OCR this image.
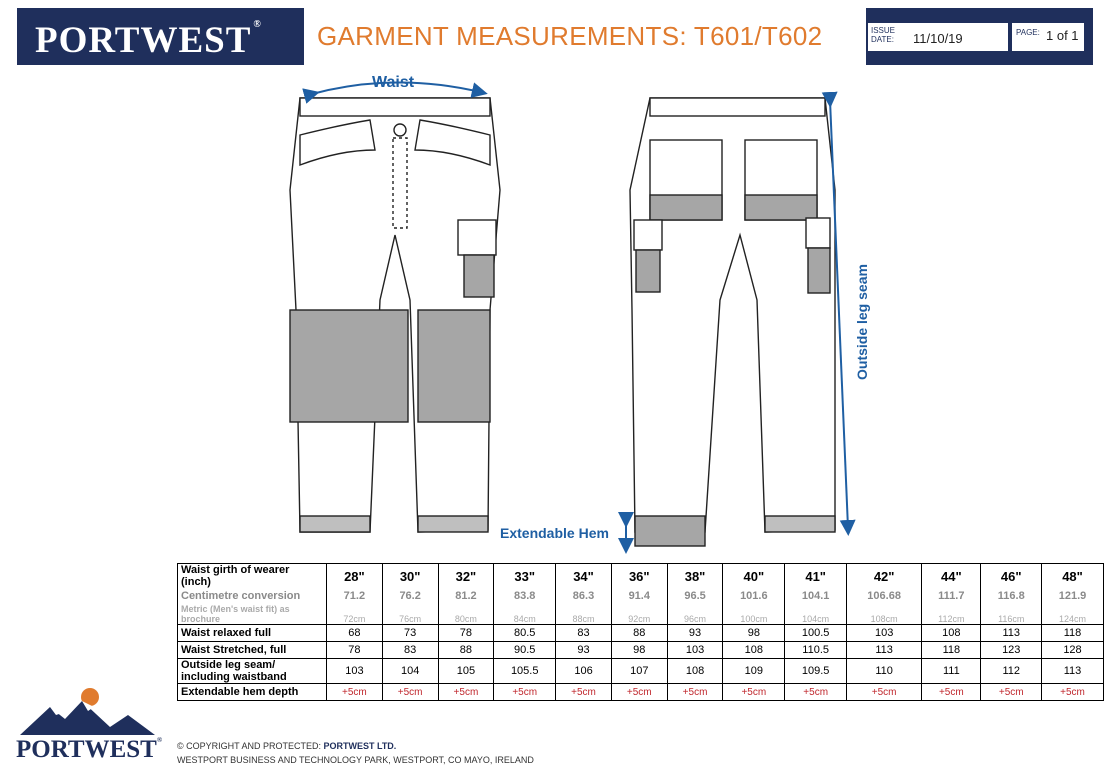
PORTWEST ® GARMENT MEASUREMENTS: T601/T602	ISSUE
DATE: 11/10/19	PAGE: 1 of 1
Waist
Extendable Hem
Outside leg seam
Waist girth of wearer
(inch)	28"	30"	32"	33"	34"	36"	38"	40"	41"	42"	44"	46"	48"
Centimetre conversion	71.2	76.2	81.2	83.8	86.3	91.4	96.5	101.6	104.1	106.68	111.7	116.8	121.9
Metric (Men's waist fit) as
brochure	72cm	76cm	80cm	84cm	88cm	92cm	96cm	100cm	104cm	108cm	112cm	116cm	124cm
Waist relaxed full	68	73	78	80.5	83	88	93	98	100.5	103	108	113	118
Waist Stretched, full	78	83	88	90.5	93	98	103	108	110.5	113	118	123	128
Outside leg seam/
including waistband	103	104	105	105.5	106	107	108	109	109.5	110	111	112	113
Extendable hem depth	+5cm	+5cm	+5cm	+5cm	+5cm	+5cm	+5cm	+5cm	+5cm	+5cm	+5cm	+5cm	+5cm
PORTWEST®
© COPYRIGHT AND PROTECTED: PORTWEST LTD.
WESTPORT BUSINESS AND TECHNOLOGY PARK, WESTPORT, CO MAYO, IRELAND
